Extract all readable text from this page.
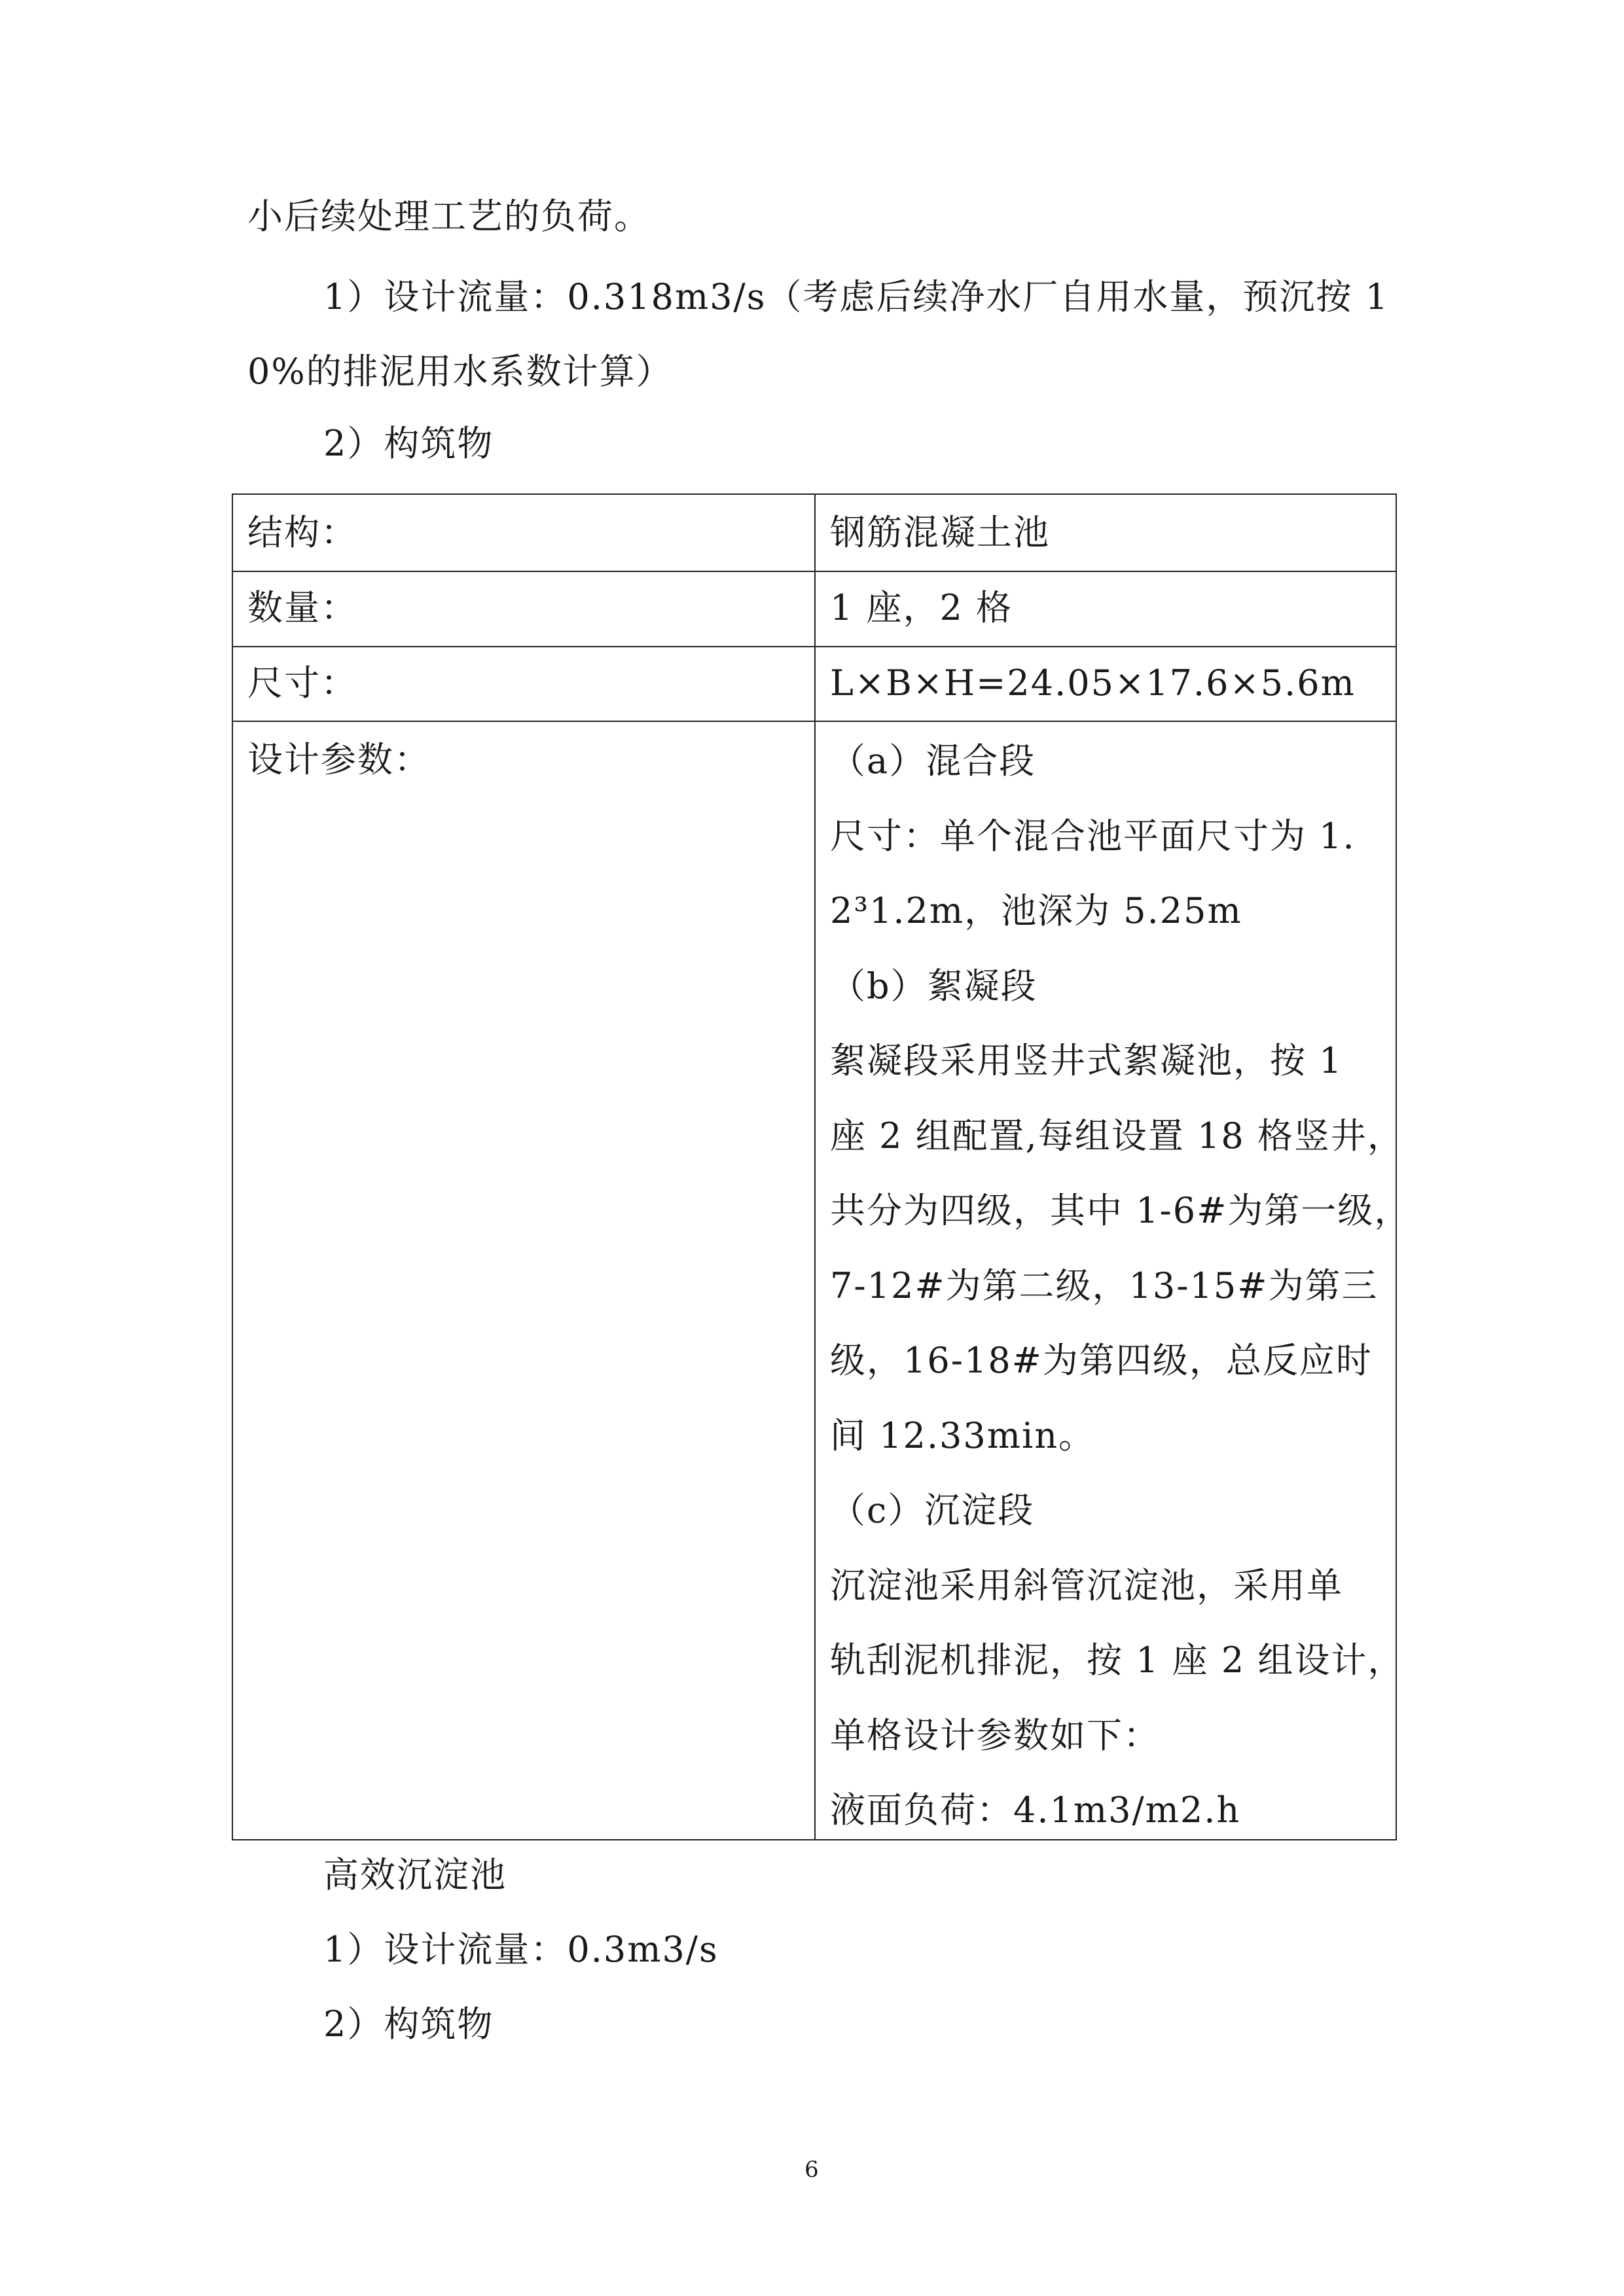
小后续处理工艺的负荷。
1）设计流量：0.318m3/s（考虑后续净水厂自用水量，预沉按 1
0%的排泥用水系数计算）
2）构筑物
结构：	钢筋混凝土池
数量：	1 座，2 格
尺寸：	L×B×H=24.05×17.6×5.6m
设计参数：	（a）混合段
尺寸：单个混合池平面尺寸为 1.
2³1.2m，池深为 5.25m
（b）絮凝段
絮凝段采用竖井式絮凝池，按 1
座 2 组配置,每组设置 18 格竖井，
共分为四级，其中 1-6#为第一级，
7-12#为第二级，13-15#为第三
级，16-18#为第四级，总反应时
间 12.33min。
（c）沉淀段
沉淀池采用斜管沉淀池，采用单
轨刮泥机排泥，按 1 座 2 组设计，
单格设计参数如下：
液面负荷：4.1m3/m2.h
高效沉淀池
1）设计流量：0.3m3/s
2）构筑物
6
